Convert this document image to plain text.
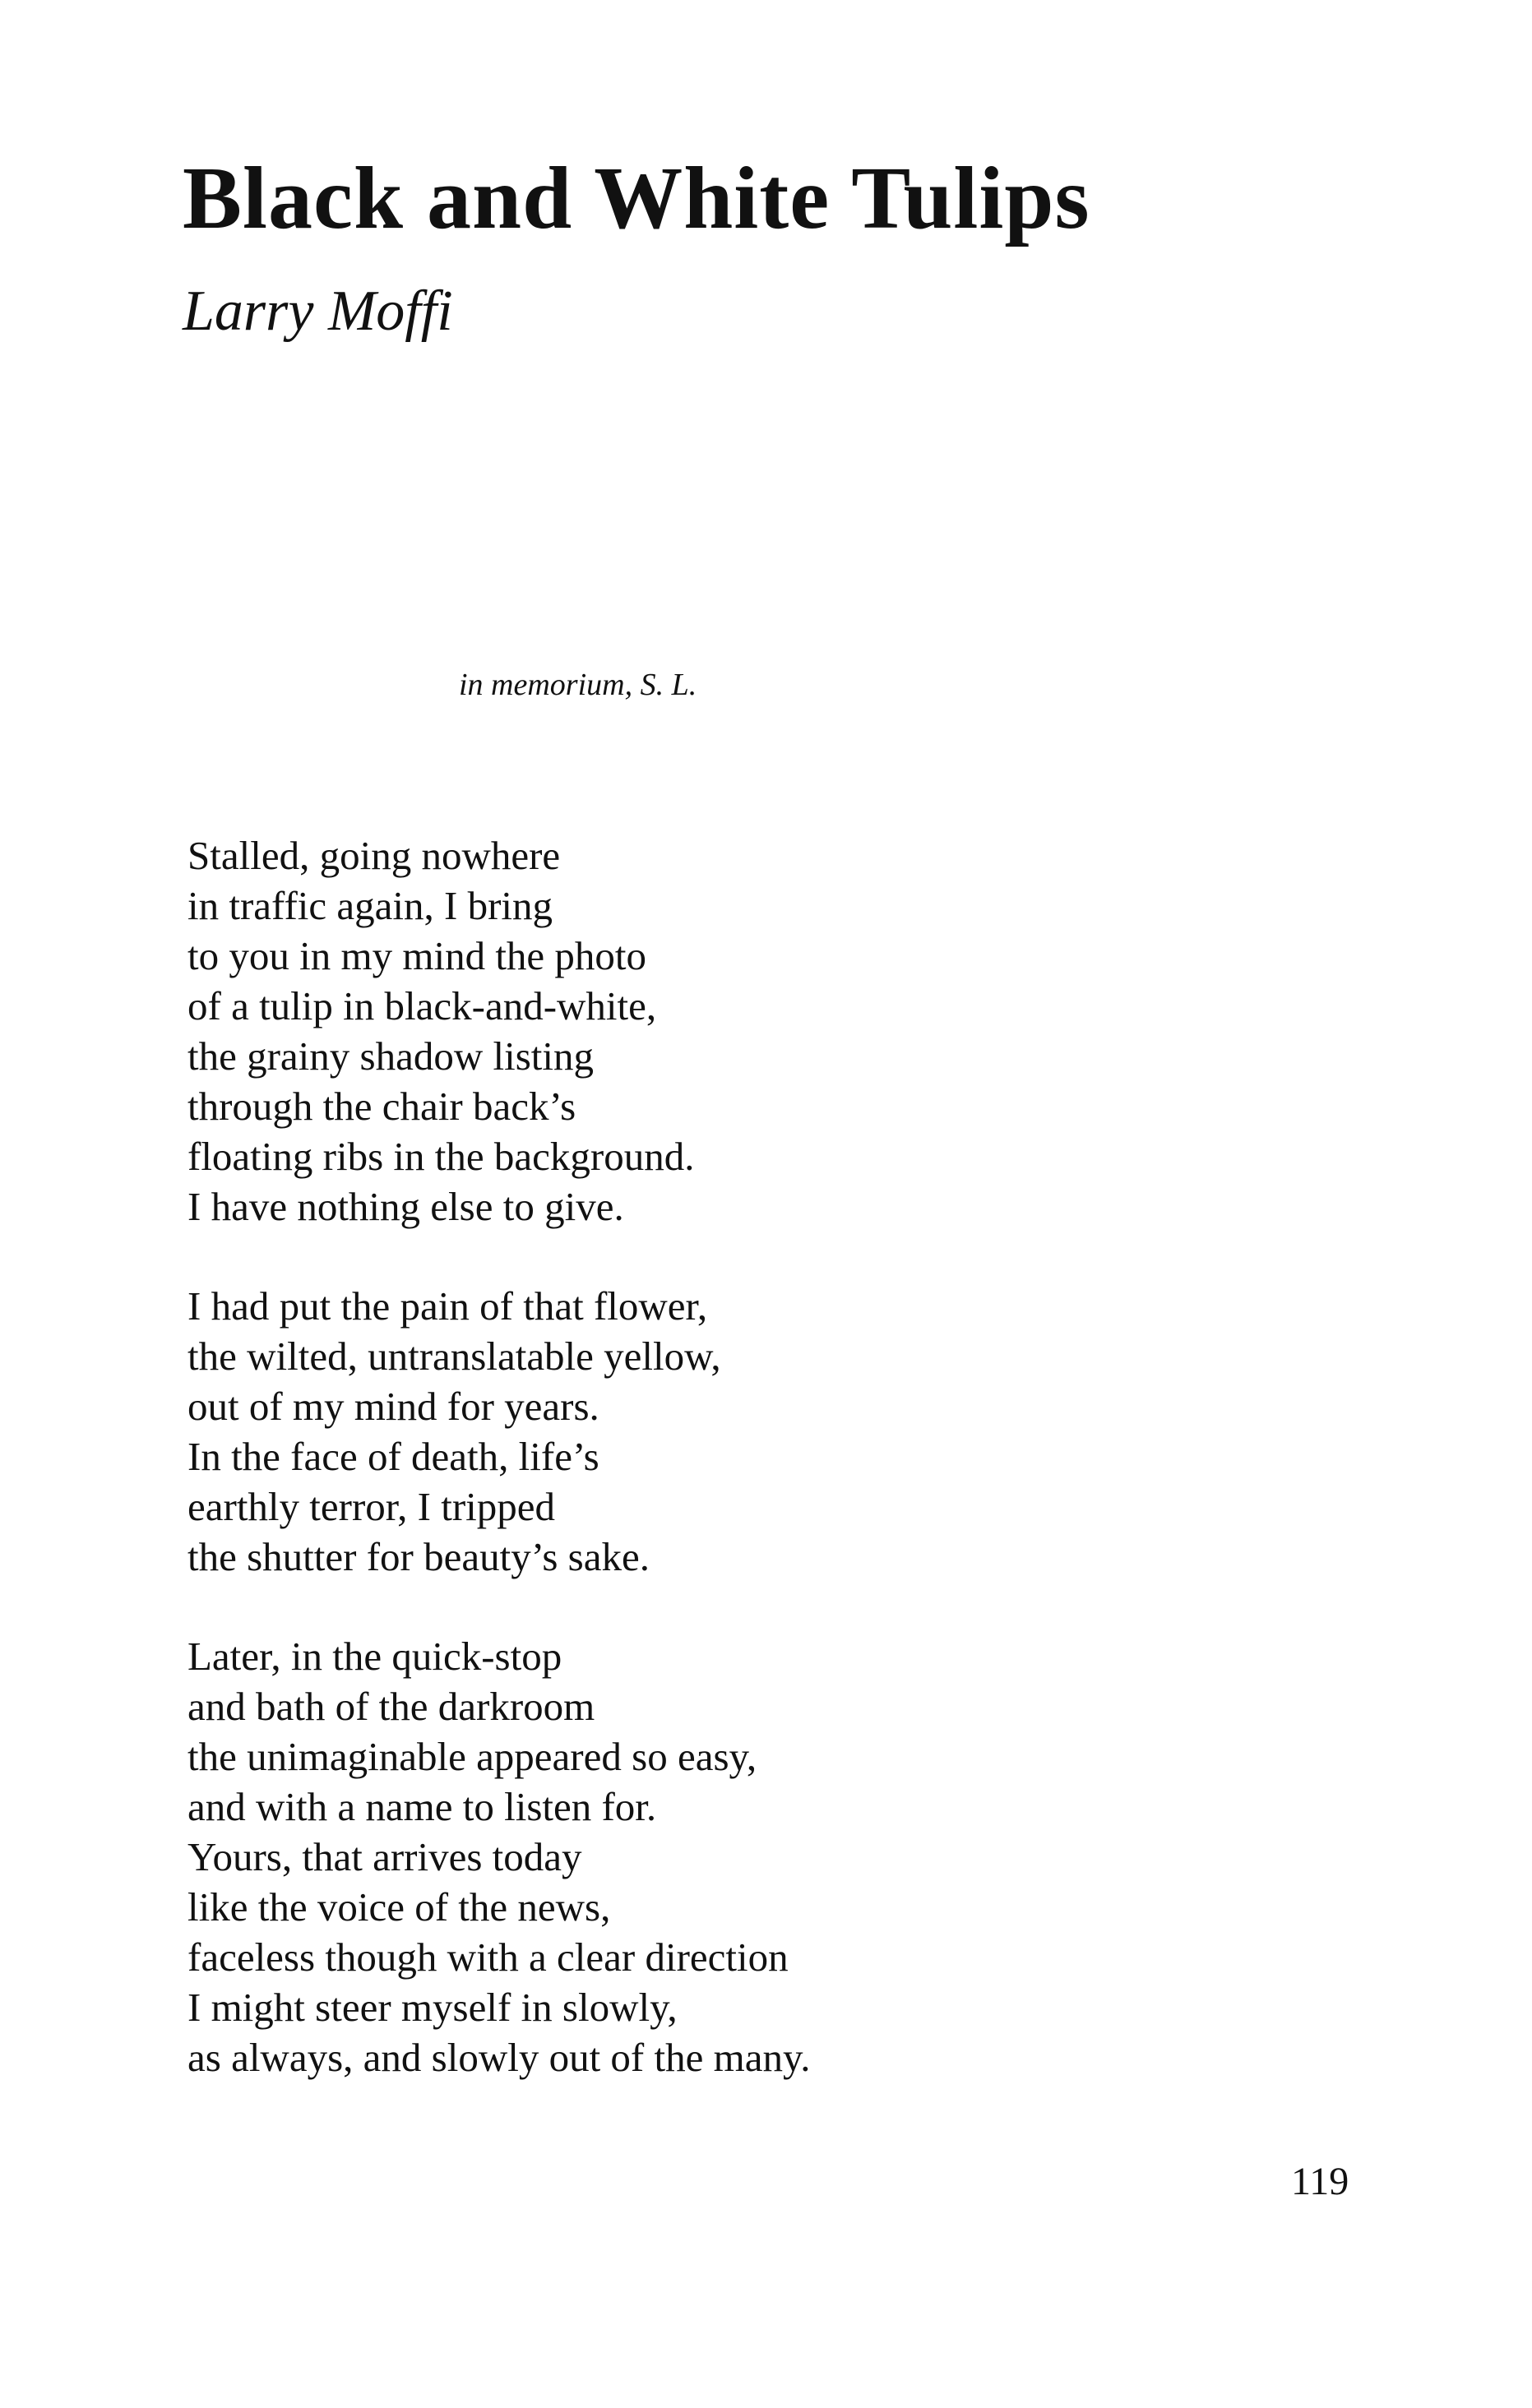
Black and White Tulips
Larry Moffi

in memorium, S. L.

Stalled, going nowhere
in traffic again, I bring
to you in my mind the photo
of a tulip in black-and-white,
the grainy shadow listing
through the chair back’s
floating ribs in the background.
I have nothing else to give.
I had put the pain of that flower,
the wilted, untranslatable yellow,
out of my mind for years.
In the face of death, life’s
earthly terror, I tripped
the shutter for beauty’s sake.
Later, in the quick-stop
and bath of the darkroom
the unimaginable appeared so easy,
and with a name to listen for.
Yours, that arrives today
like the voice of the news,
faceless though with a clear direction
I might steer myself in slowly,
as always, and slowly out of the many.
119
